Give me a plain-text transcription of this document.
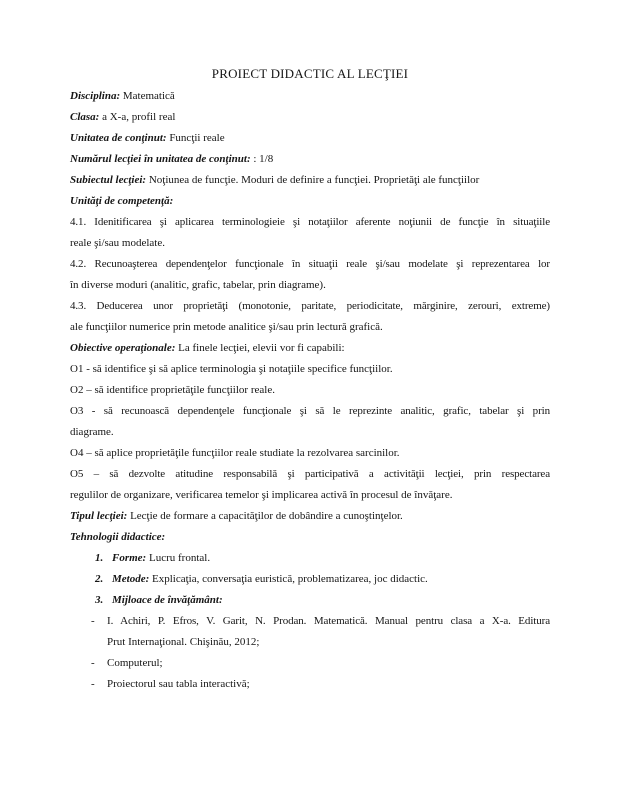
PROIECT DIDACTIC AL LECŢIEI
Disciplina: Matematică
Clasa: a X-a, profil real
Unitatea de conţinut: Funcţii reale
Numărul lecţiei în unitatea de conţinut: : 1/8
Subiectul lecţiei: Noţiunea de funcţie. Moduri de definire a funcţiei. Proprietăţi ale funcţiilor
Unităţi de competenţă:
4.1. Idenitificarea şi aplicarea terminologieie şi notaţiilor aferente noţiunii de funcţie în situaţiile
reale şi/sau modelate.
4.2. Recunoaşterea dependenţelor funcţionale în situaţii reale şi/sau modelate şi reprezentarea lor
în diverse moduri (analitic, grafic, tabelar, prin diagrame).
4.3. Deducerea unor proprietăţi (monotonie, paritate, periodicitate, mărginire, zerouri, extreme)
ale funcţiilor numerice prin metode analitice şi/sau prin lectură grafică.
Obiective operaţionale: La finele lecţiei, elevii vor fi capabili:
O1 - să identifice şi să aplice terminologia şi notaţiile specifice funcţiilor.
O2 – să identifice proprietăţile funcţiilor reale.
O3 - să recunoască dependenţele funcţionale şi să le reprezinte analitic, grafic, tabelar şi prin
diagrame.
O4 – să aplice proprietăţile funcţiilor reale studiate la rezolvarea sarcinilor.
O5 – să dezvolte atitudine responsabilă şi participativă a activităţii lecţiei, prin respectarea
regulilor de organizare, verificarea temelor şi implicarea activă în procesul de învăţare.
Tipul lecţiei: Lecţie de formare a capacităţilor de dobândire a cunoştinţelor.
Tehnologii didactice:
1. Forme: Lucru frontal.
2. Metode: Explicaţia, conversaţia euristică, problematizarea, joc didactic.
3. Mijloace de învăţământ:
- I. Achiri, P. Efros, V. Garit, N. Prodan. Matematică. Manual pentru clasa a X-a. Editura
Prut Internaţional. Chişinău, 2012;
- Computerul;
- Proiectorul sau tabla interactivă;
